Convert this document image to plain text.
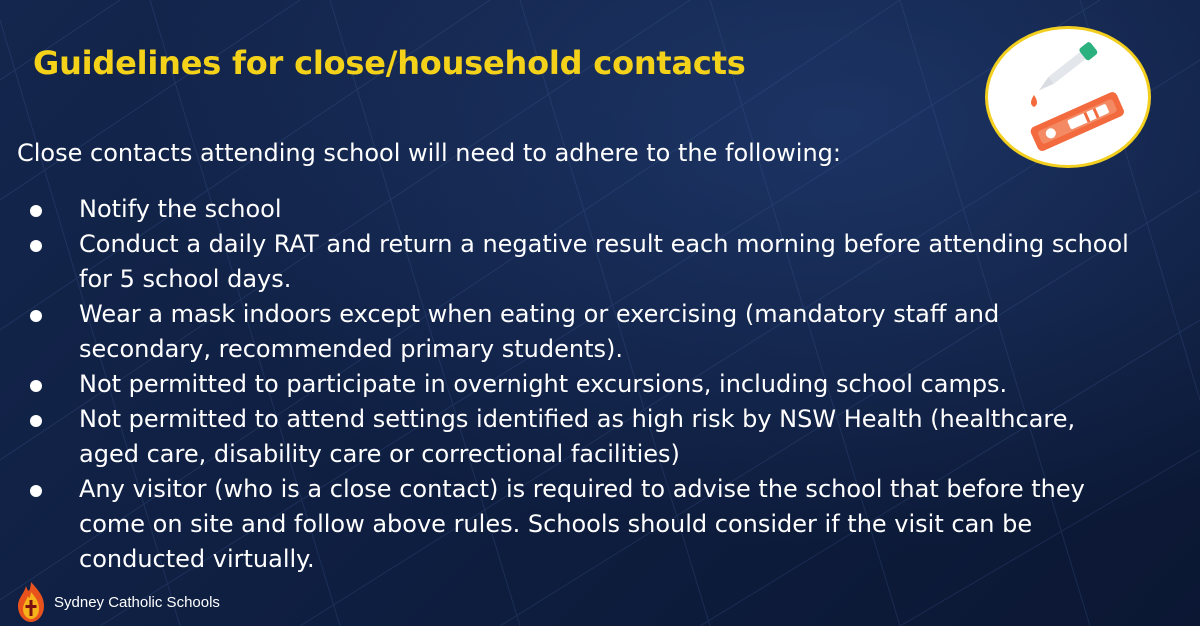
Guidelines for close/household contacts
Close contacts attending school will need to adhere to the following:
Notify the school
Conduct a daily RAT and return a negative result each morning before attending school for 5 school days.
Wear a mask indoors except when eating or exercising (mandatory staff and secondary, recommended primary students).
Not permitted to participate in overnight excursions, including school camps.
Not permitted to attend settings identified as high risk by NSW Health (healthcare, aged care, disability care or correctional facilities)
Any visitor (who is a close contact) is required to advise the school that before they come on site and follow above rules. Schools should consider if the visit can be conducted virtually.
Sydney Catholic Schools
